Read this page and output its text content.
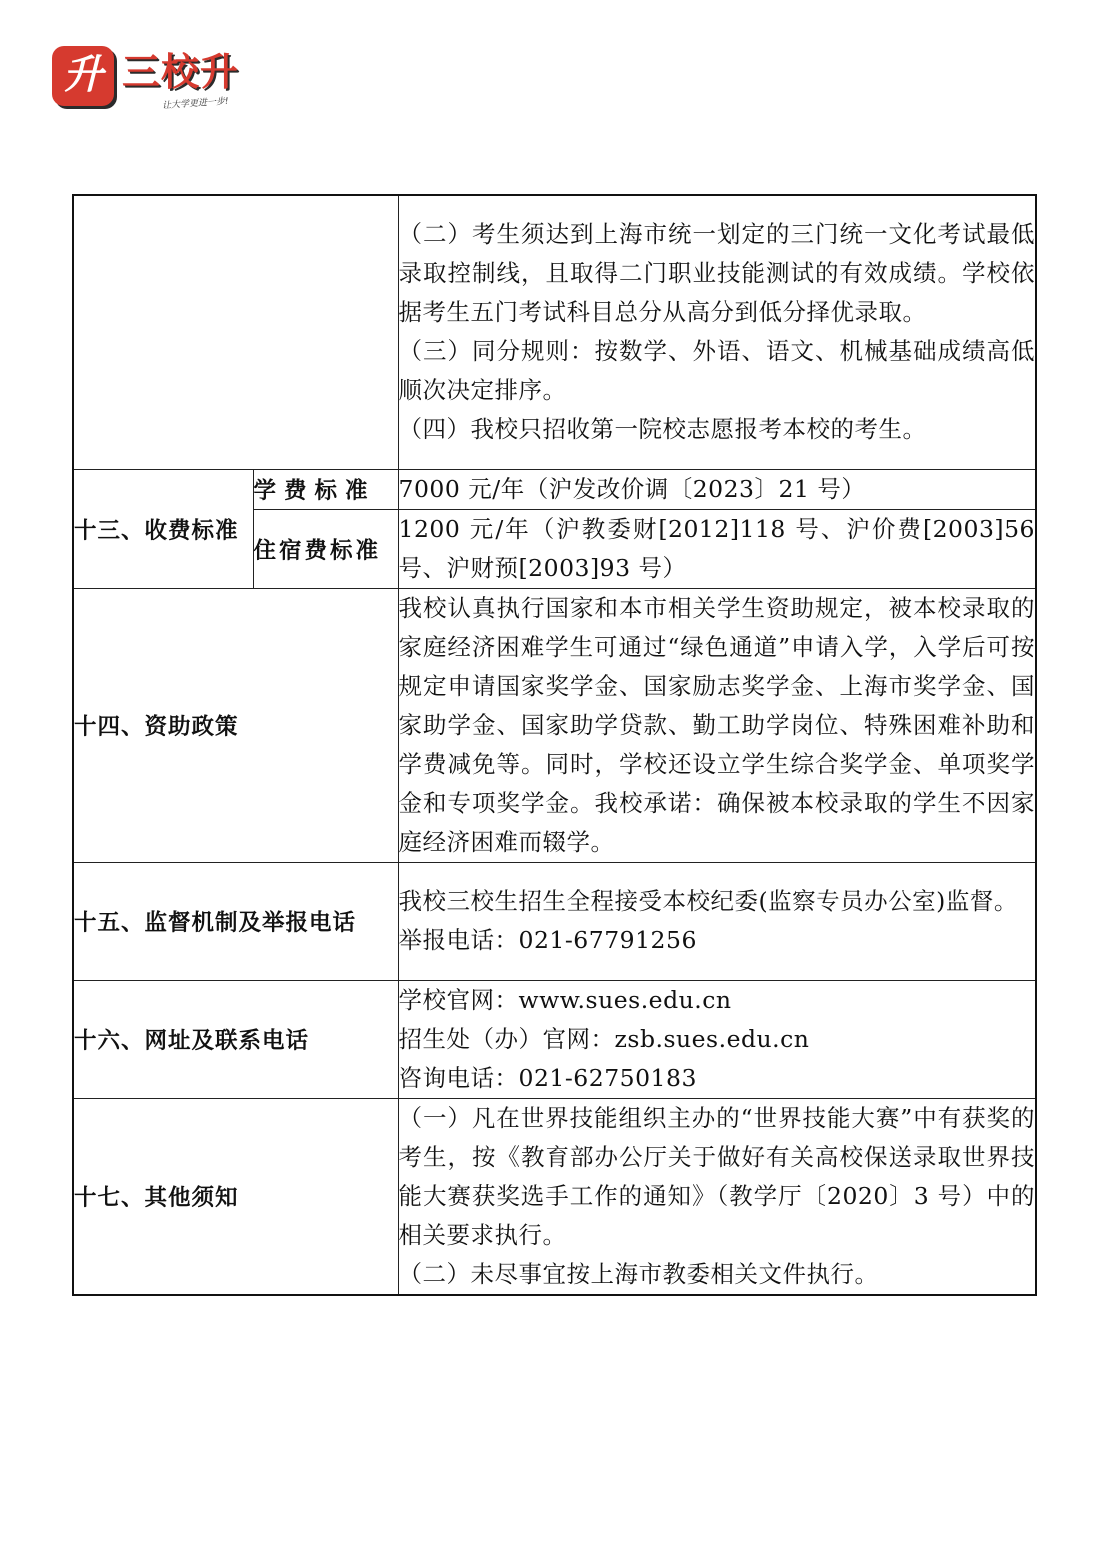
升 三校升
让大学更进一步!

		（二）考生须达到上海市统一划定的三门统一文化考试最低录取控制线，且取得二门职业技能测试的有效成绩。学校依据考生五门考试科目总分从高分到低分择优录取。

（三）同分规则：按数学、外语、语文、机械基础成绩高低顺次决定排序。

（四）我校只招收第一院校志愿报考本校的考生。

十三、收费标准	学费标准	7000 元/年（沪发改价调〔2023〕21 号）
	住宿费标准	1200 元/年（沪教委财[2012]118 号、沪价费[2003]56 号、沪财预[2003]93 号）
十四、资助政策		我校认真执行国家和本市相关学生资助规定，被本校录取的家庭经济困难学生可通过“绿色通道”申请入学，入学后可按规定申请国家奖学金、国家励志奖学金、上海市奖学金、国家助学金、国家助学贷款、勤工助学岗位、特殊困难补助和学费减免等。同时，学校还设立学生综合奖学金、单项奖学金和专项奖学金。我校承诺：确保被本校录取的学生不因家庭经济困难而辍学。
十五、监督机制及举报电话		我校三校生招生全程接受本校纪委(监察专员办公室)监督。

举报电话：021-67791256

十六、网址及联系电话		学校官网：www.sues.edu.cn

招生处（办）官网：zsb.sues.edu.cn

咨询电话：021-62750183

十七、其他须知		（一）凡在世界技能组织主办的“世界技能大赛”中有获奖的考生，按《教育部办公厅关于做好有关高校保送录取世界技能大赛获奖选手工作的通知》（教学厅〔2020〕3 号）中的相关要求执行。

（二）未尽事宜按上海市教委相关文件执行。
